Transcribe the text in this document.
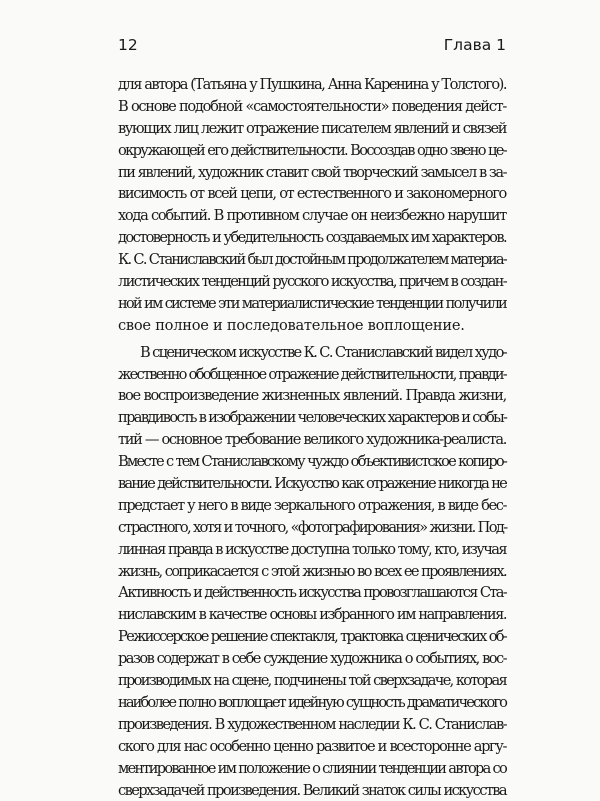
12	Глава 1
для автора (Татьяна у Пушкина, Анна Каренина у Толстого).
В основе подобной «самостоятельности» поведения дейст-
вующих лиц лежит отражение писателем явлений и связей
окружающей его действительности. Воссоздав одно звено це-
пи явлений, художник ставит свой творческий замысел в за-
висимость от всей цепи, от естественного и закономерного
хода событий. В противном случае он неизбежно нарушит
достоверность и убедительность создаваемых им характеров.
К. С. Станиславский был достойным продолжателем материа-
листических тенденций русского искусства, причем в создан-
ной им системе эти материалистические тенденции получили
свое полное и последовательное воплощение.
В сценическом искусстве К. С. Станиславский видел худо-
жественно обобщенное отражение действительности, правди-
вое воспроизведение жизненных явлений. Правда жизни,
правдивость в изображении человеческих характеров и собы-
тий — основное требование великого художника-реалиста.
Вместе с тем Станиславскому чуждо объективистское копиро-
вание действительности. Искусство как отражение никогда не
предстает у него в виде зеркального отражения, в виде бес-
страстного, хотя и точного, «фотографирования» жизни. Под-
линная правда в искусстве доступна только тому, кто, изучая
жизнь, соприкасается с этой жизнью во всех ее проявлениях.
Активность и действенность искусства провозглашаются Ста-
ниславским в качестве основы избранного им направления.
Режиссерское решение спектакля, трактовка сценических об-
разов содержат в себе суждение художника о событиях, вос-
производимых на сцене, подчинены той сверхзадаче, которая
наиболее полно воплощает идейную сущность драматического
произведения. В художественном наследии К. С. Станислав-
ского для нас особенно ценно развитое и всесторонне аргу-
ментированное им положение о слиянии тенденции автора со
сверхзадачей произведения. Великий знаток силы искусства
